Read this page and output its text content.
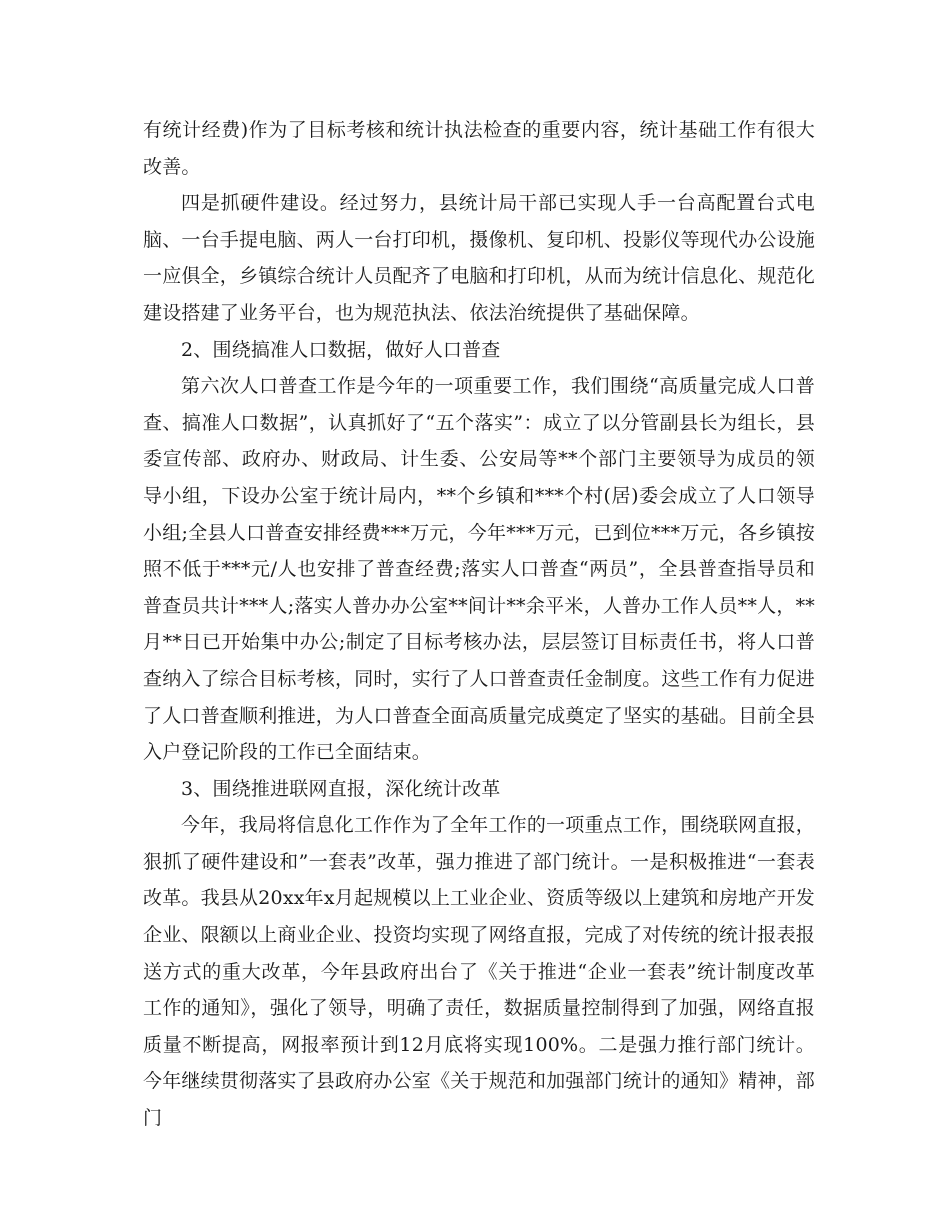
有统计经费)作为了目标考核和统计执法检查的重要内容，统计基础工作有很大改善。

四是抓硬件建设。经过努力，县统计局干部已实现人手一台高配置台式电脑、一台手提电脑、两人一台打印机，摄像机、复印机、投影仪等现代办公设施一应俱全，乡镇综合统计人员配齐了电脑和打印机，从而为统计信息化、规范化建设搭建了业务平台，也为规范执法、依法治统提供了基础保障。

2、围绕搞准人口数据，做好人口普查

第六次人口普查工作是今年的一项重要工作，我们围绕“高质量完成人口普查、搞准人口数据”，认真抓好了“五个落实”：成立了以分管副县长为组长，县委宣传部、政府办、财政局、计生委、公安局等**个部门主要领导为成员的领导小组，下设办公室于统计局内，**个乡镇和***个村(居)委会成立了人口领导小组;全县人口普查安排经费***万元，今年***万元，已到位***万元，各乡镇按照不低于***元/人也安排了普查经费;落实人口普查“两员”，全县普查指导员和普查员共计***人;落实人普办办公室**间计**余平米，人普办工作人员**人，**月**日已开始集中办公;制定了目标考核办法，层层签订目标责任书，将人口普查纳入了综合目标考核，同时，实行了人口普查责任金制度。这些工作有力促进了人口普查顺利推进，为人口普查全面高质量完成奠定了坚实的基础。目前全县入户登记阶段的工作已全面结束。

3、围绕推进联网直报，深化统计改革

今年，我局将信息化工作作为了全年工作的一项重点工作，围绕联网直报，狠抓了硬件建设和”一套表”改革，强力推进了部门统计。一是积极推进“一套表改革。我县从20xx年x月起规模以上工业企业、资质等级以上建筑和房地产开发企业、限额以上商业企业、投资均实现了网络直报，完成了对传统的统计报表报送方式的重大改革，今年县政府出台了《关于推进“企业一套表”统计制度改革工作的通知》，强化了领导，明确了责任，数据质量控制得到了加强，网络直报质量不断提高，网报率预计到12月底将实现100%。二是强力推行部门统计。今年继续贯彻落实了县政府办公室《关于规范和加强部门统计的通知》精神，部门
